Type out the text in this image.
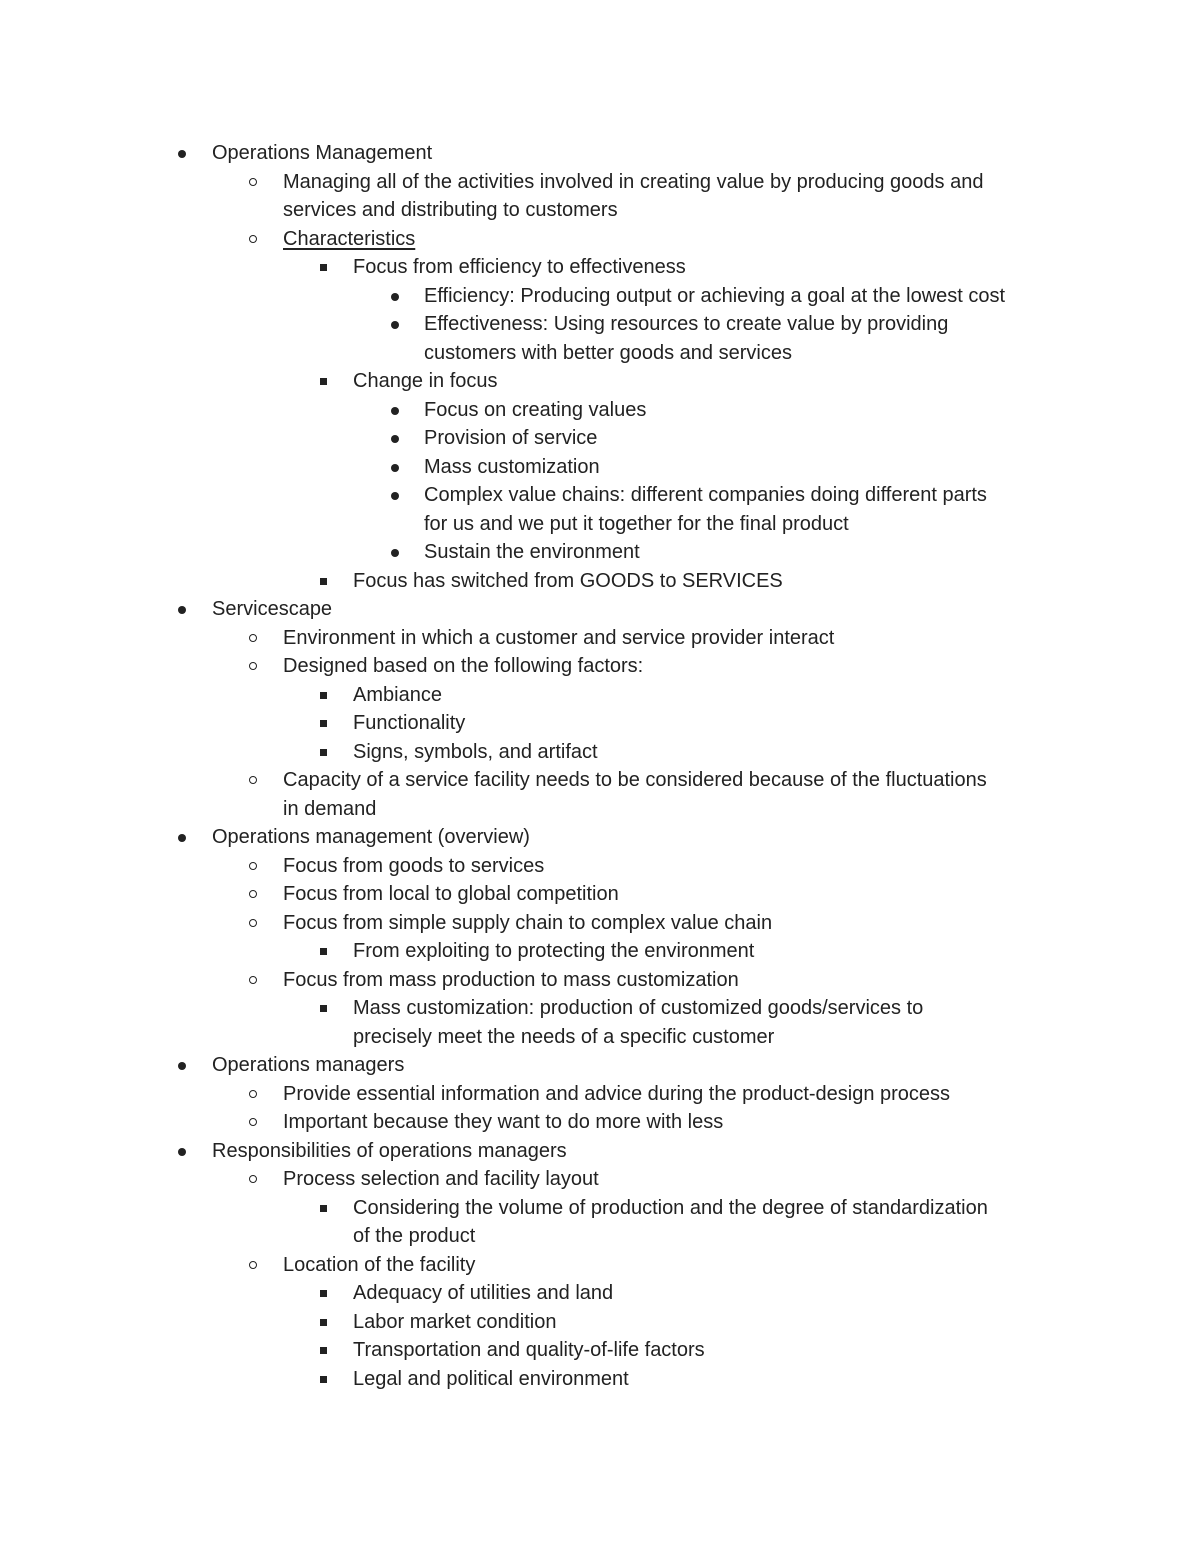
Operations Management
Managing all of the activities involved in creating value by producing goods and
services and distributing to customers
Characteristics
Focus from efficiency to effectiveness
Efficiency: Producing output or achieving a goal at the lowest cost
Effectiveness: Using resources to create value by providing
customers with better goods and services
Change in focus
Focus on creating values
Provision of service
Mass customization
Complex value chains: different companies doing different parts
for us and we put it together for the final product
Sustain the environment
Focus has switched from GOODS to SERVICES
Servicescape
Environment in which a customer and service provider interact
Designed based on the following factors:
Ambiance
Functionality
Signs, symbols, and artifact
Capacity of a service facility needs to be considered because of the fluctuations
in demand
Operations management (overview)
Focus from goods to services
Focus from local to global competition
Focus from simple supply chain to complex value chain
From exploiting to protecting the environment
Focus from mass production to mass customization
Mass customization: production of customized goods/services to
precisely meet the needs of a specific customer
Operations managers
Provide essential information and advice during the product-design process
Important because they want to do more with less
Responsibilities of operations managers
Process selection and facility layout
Considering the volume of production and the degree of standardization
of the product
Location of the facility
Adequacy of utilities and land
Labor market condition
Transportation and quality-of-life factors
Legal and political environment
